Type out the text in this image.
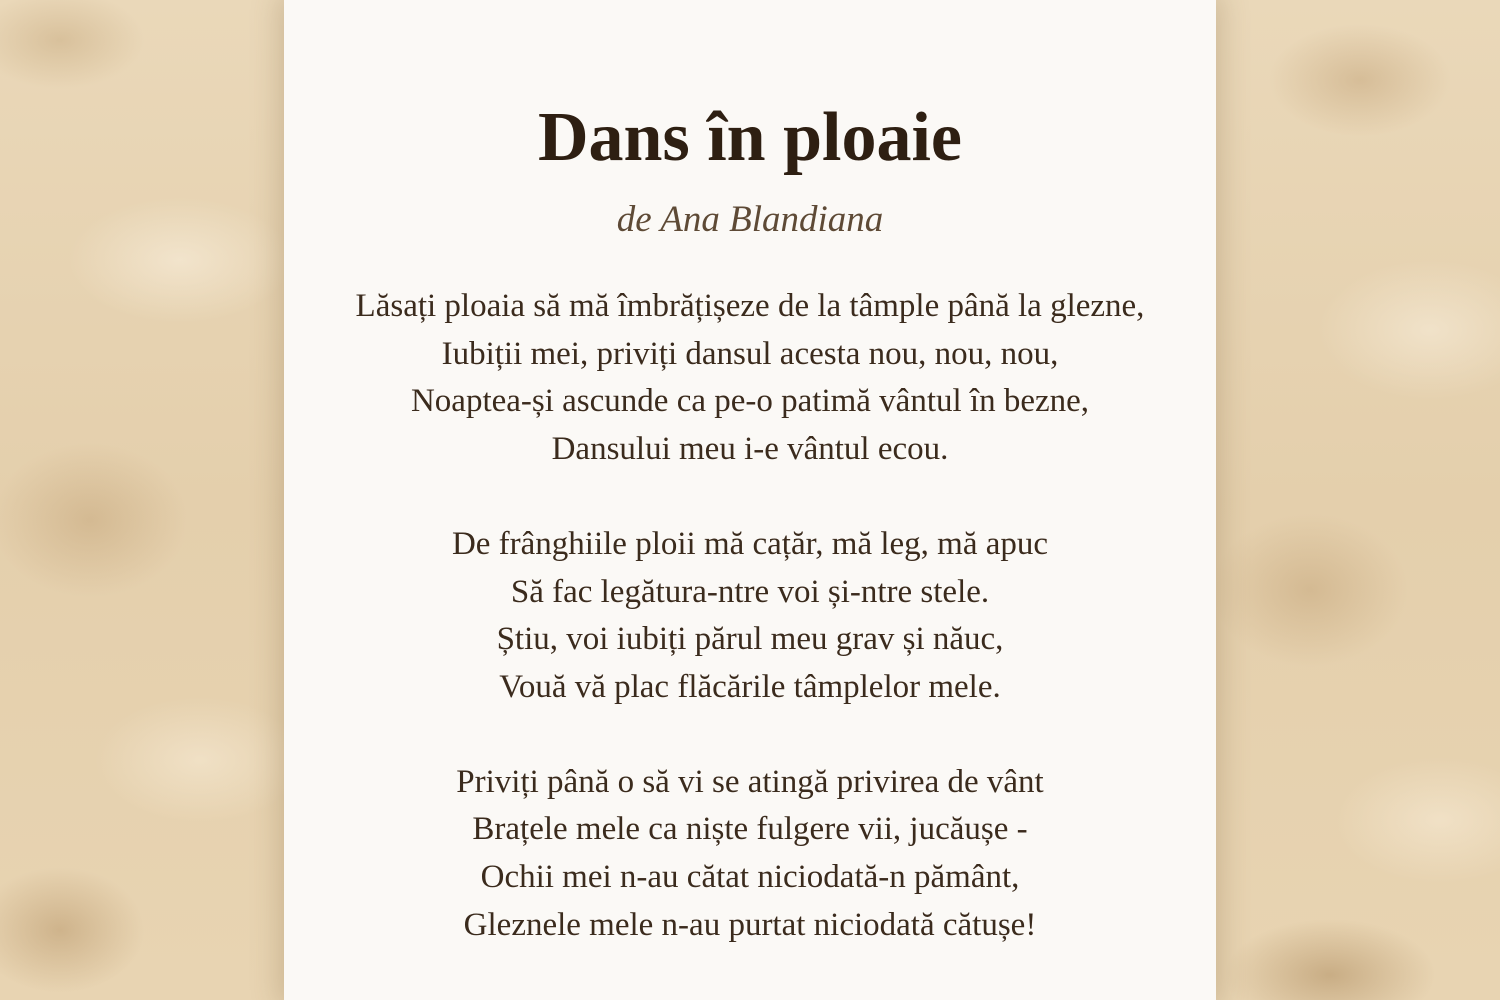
Dans în ploaie

de Ana Blandiana

Lăsați ploaia să mă îmbrățișeze de la tâmple până la glezne,
Iubiții mei, priviți dansul acesta nou, nou, nou,
Noaptea-și ascunde ca pe-o patimă vântul în bezne,
Dansului meu i-e vântul ecou.
De frânghiile ploii mă cațăr, mă leg, mă apuc
Să fac legătura-ntre voi și-ntre stele.
Știu, voi iubiți părul meu grav și năuc,
Vouă vă plac flăcările tâmplelor mele.
Priviți până o să vi se atingă privirea de vânt
Brațele mele ca niște fulgere vii, jucăușe -
Ochii mei n-au cătat niciodată-n pământ,
Gleznele mele n-au purtat niciodată cătușe!
